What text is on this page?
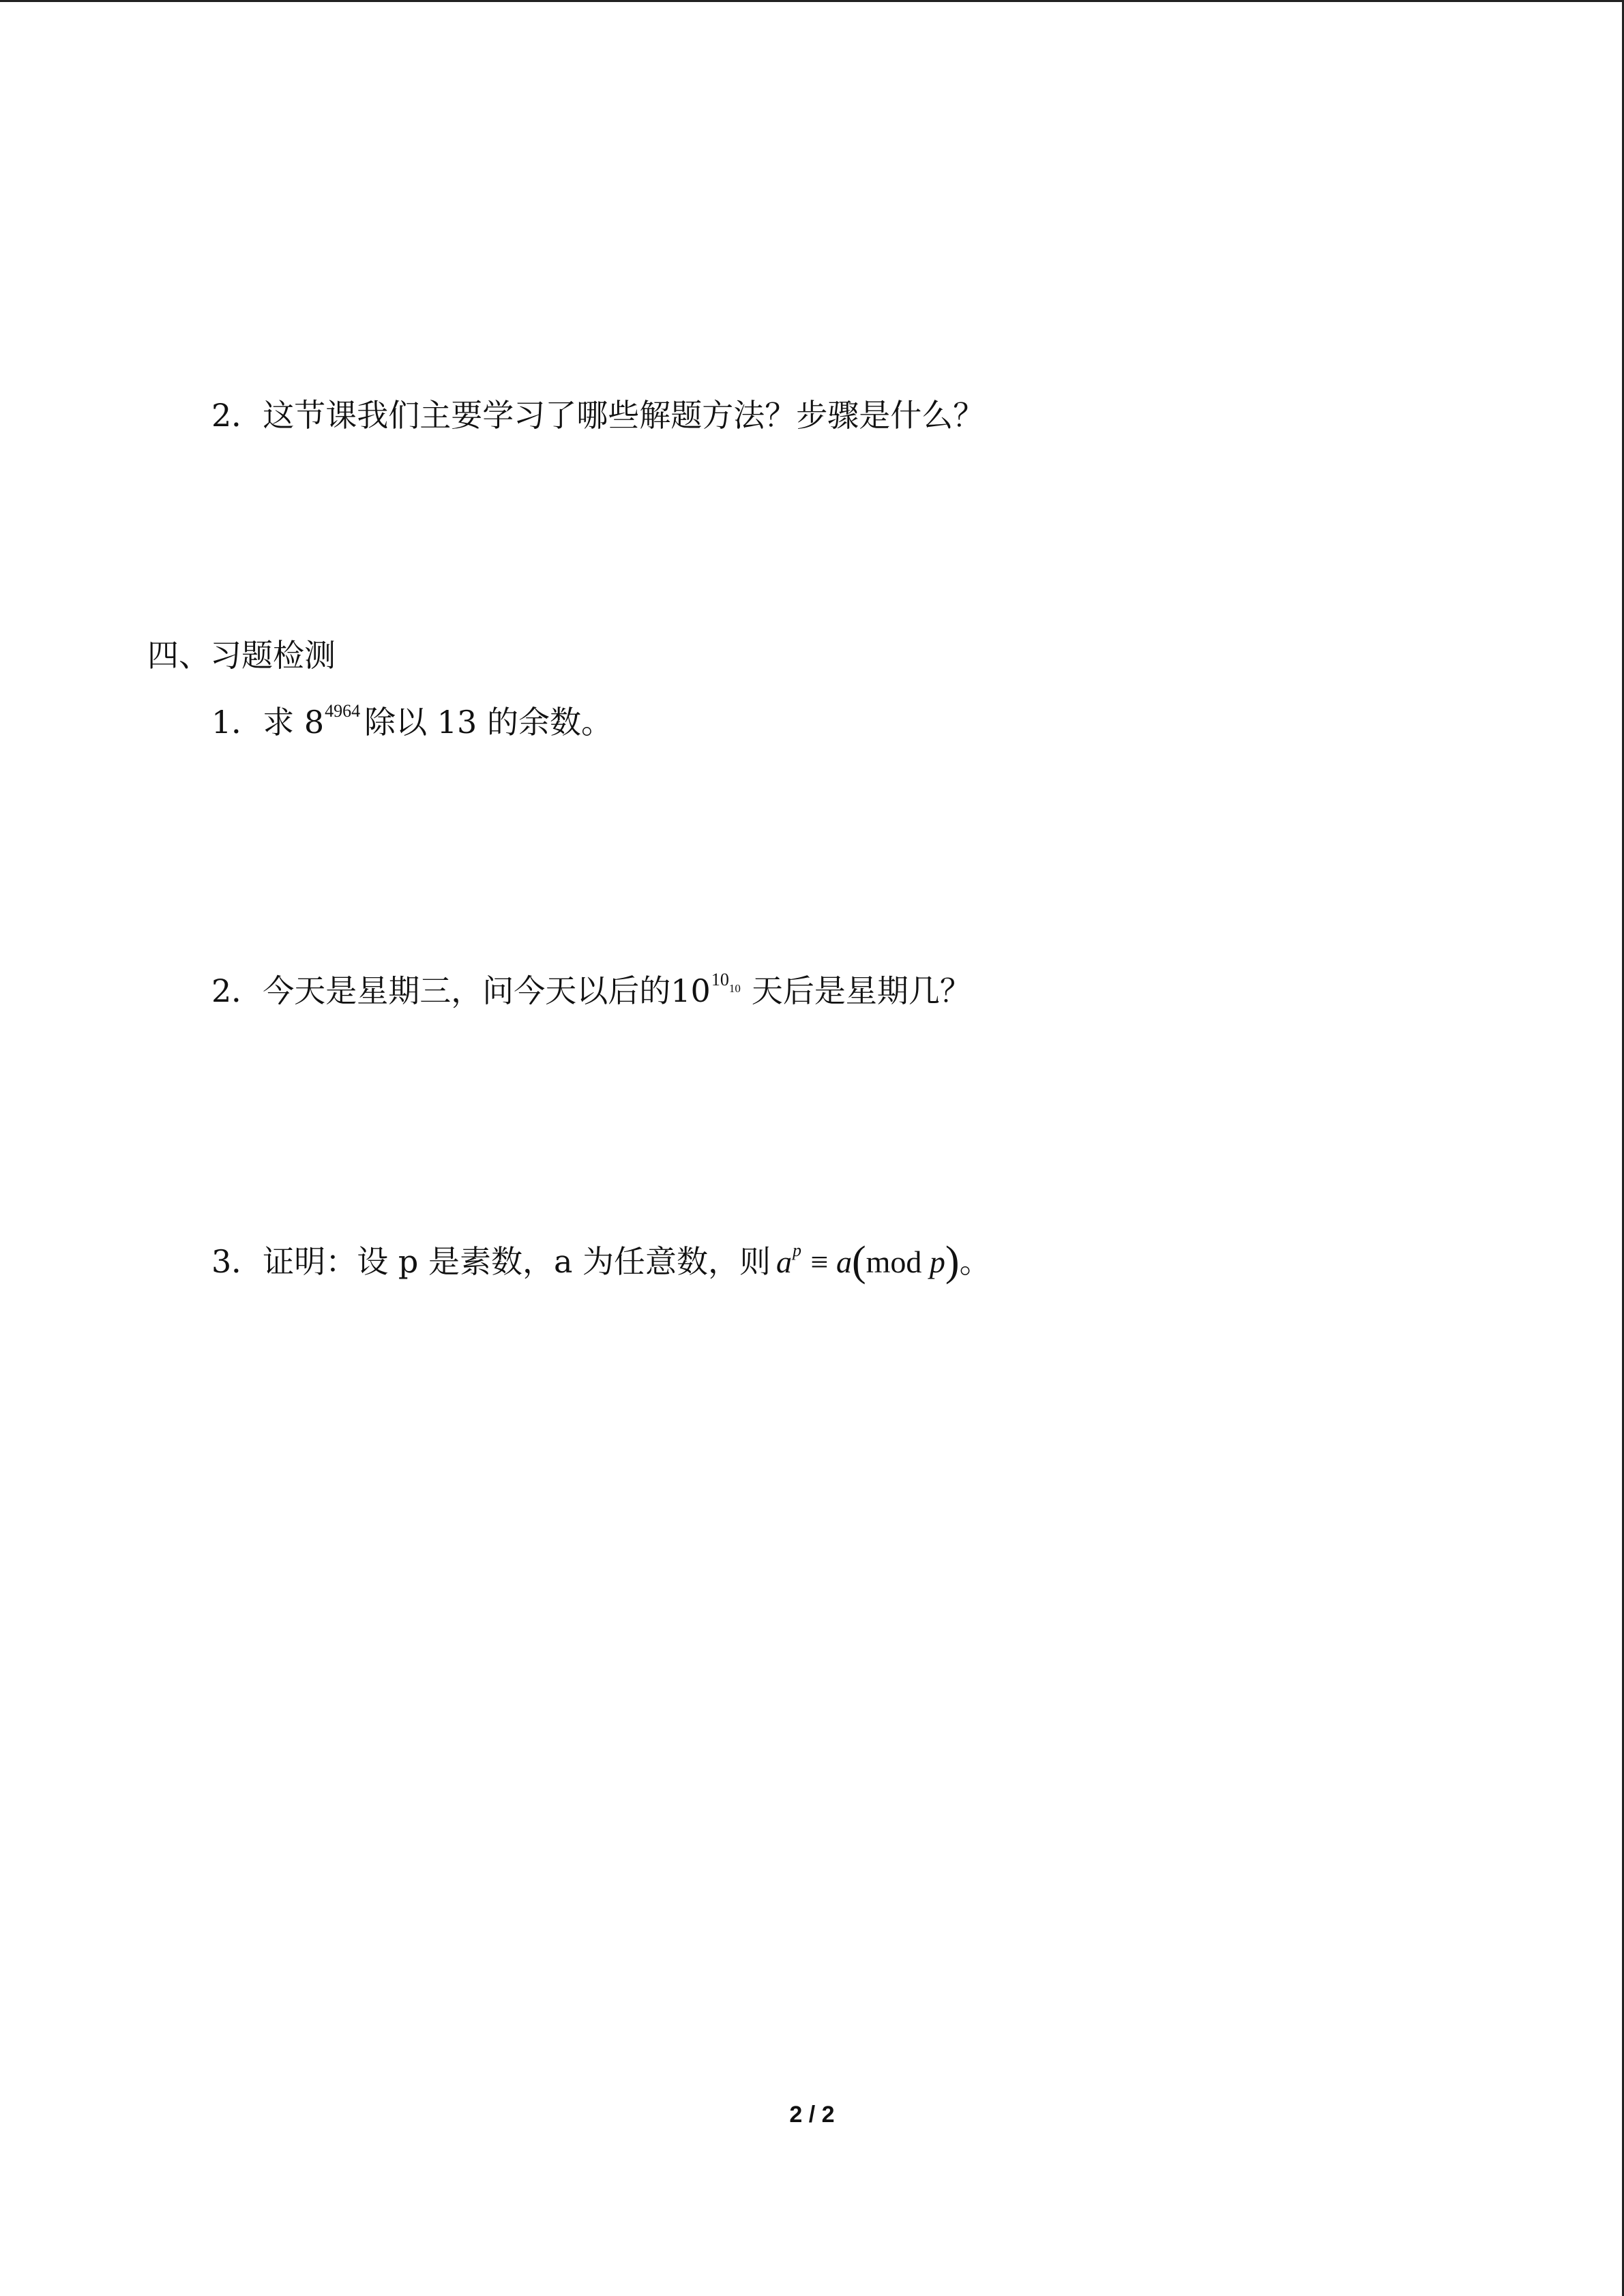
2．这节课我们主要学习了哪些解题方法？步骤是什么？
四、习题检测
1．求 $8^{4964}$ 除以 13 的余数。
2．今天是星期三，问今天以后的$10^{1010}$ 天后是星期几？
3．证明：设 p 是素数，a 为任意数，则 $a^p \equiv a(mod$ p)。
2 / 2
